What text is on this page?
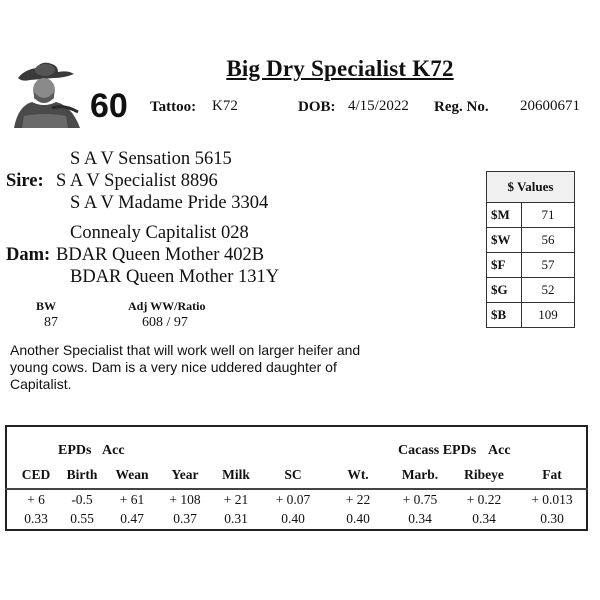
Big Dry Specialist K72
60 Tattoo: K72	DOB: 4/15/2022 Reg. No. 20600671
S A V Sensation 5615
Sire: S A V Specialist 8896
S A V Madame Pride 3304
Connealy Capitalist 028
Dam: BDAR Queen Mother 402B
BDAR Queen Mother 131Y
BW
87
Adj WW/Ratio
608 / 97
$ Values	
$M	71
$W	56
$F	57
$G	52
$B	109
Another Specialist that will work well on larger heifer and young cows. Dam is a very nice uddered daughter of Capitalist.
EPDs Acc	Cacass EPDs Acc
CED	Birth	Wean	Year	Milk	SC	Wt.	Marb.	Ribeye	Fat
+ 6	-0.5	+ 61	+ 108	+ 21	+ 0.07	+ 22	+ 0.75	+ 0.22	+ 0.013
0.33	0.55	0.47	0.37	0.31	0.40	0.40	0.34	0.34	0.30
